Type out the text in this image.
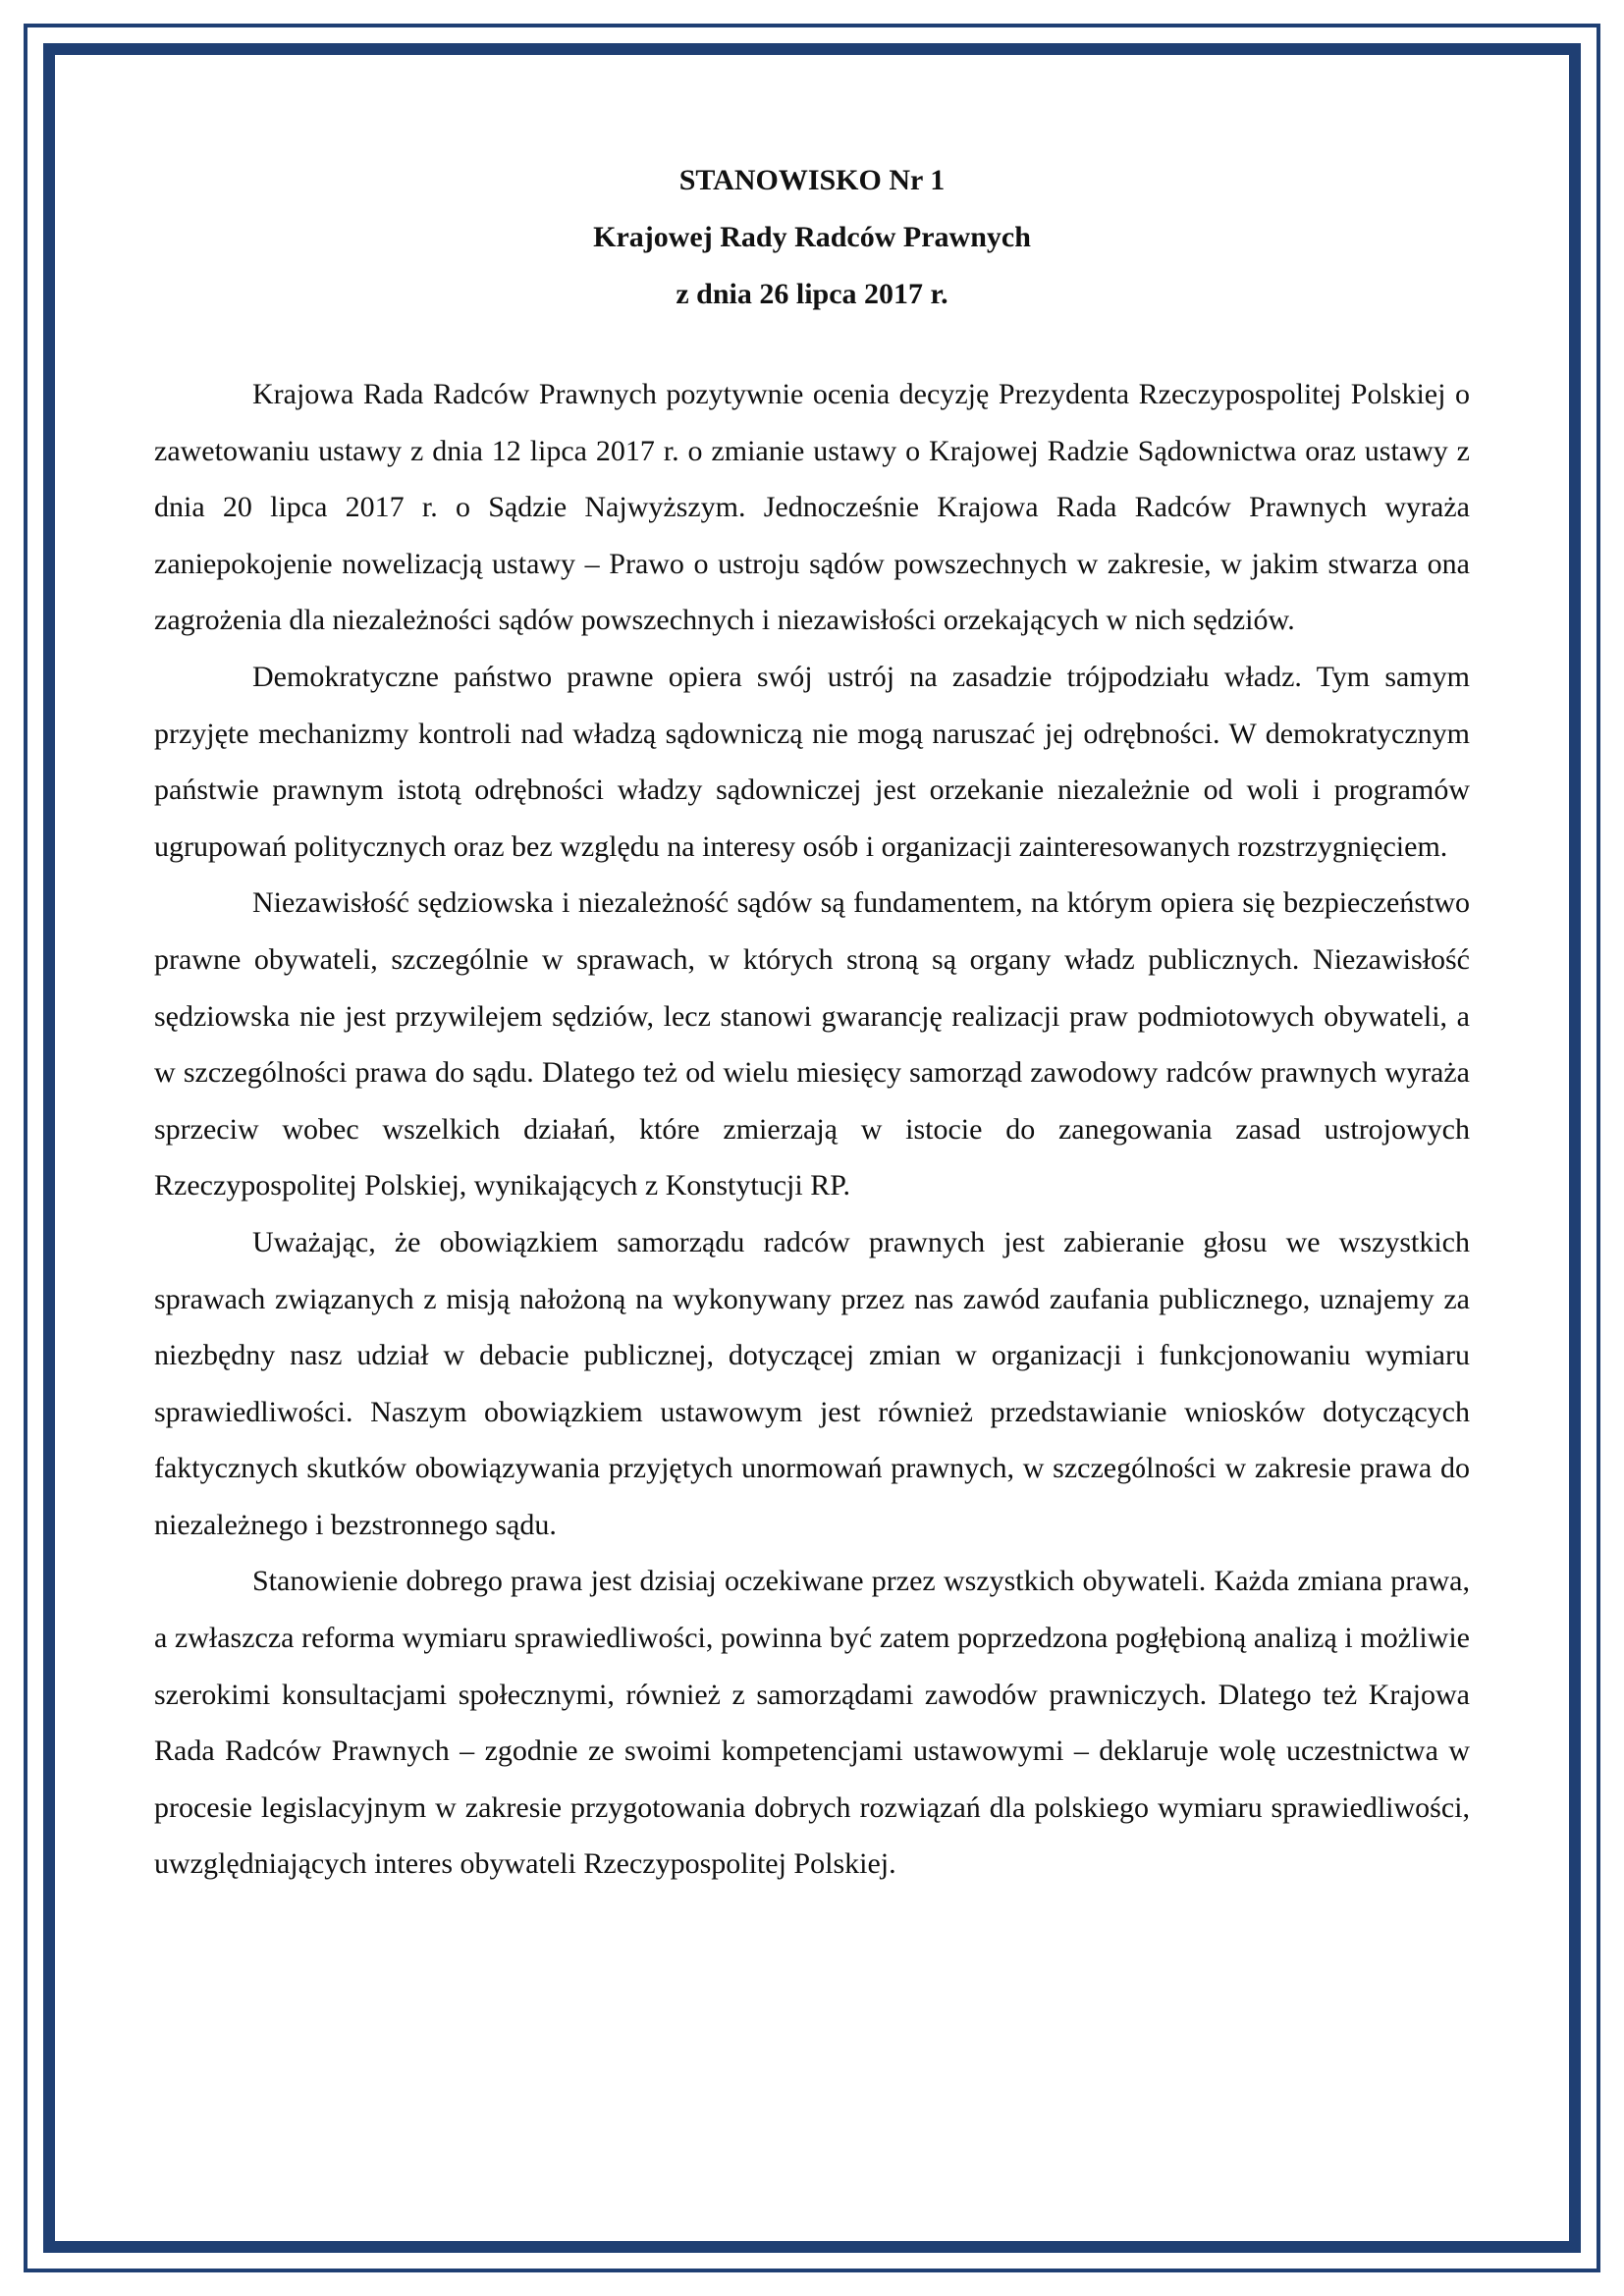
STANOWISKO Nr 1

Krajowej Rady Radców Prawnych

z dnia 26 lipca 2017 r.

Krajowa Rada Radców Prawnych pozytywnie ocenia decyzję Prezydenta Rzeczypospolitej Polskiej o zawetowaniu ustawy z dnia 12 lipca 2017 r. o zmianie ustawy o Krajowej Radzie Sądownictwa oraz ustawy z dnia 20 lipca 2017 r. o Sądzie Najwyższym. Jednocześnie Krajowa Rada Radców Prawnych wyraża zaniepokojenie nowelizacją ustawy – Prawo o ustroju sądów powszechnych w zakresie, w jakim stwarza ona zagrożenia dla niezależności sądów powszechnych i niezawisłości orzekających w nich sędziów.

Demokratyczne państwo prawne opiera swój ustrój na zasadzie trójpodziału władz. Tym samym przyjęte mechanizmy kontroli nad władzą sądowniczą nie mogą naruszać jej odrębności. W demokratycznym państwie prawnym istotą odrębności władzy sądowniczej jest orzekanie niezależnie od woli i programów ugrupowań politycznych oraz bez względu na interesy osób i organizacji zainteresowanych rozstrzygnięciem.

Niezawisłość sędziowska i niezależność sądów są fundamentem, na którym opiera się bezpieczeństwo prawne obywateli, szczególnie w sprawach, w których stroną są organy władz publicznych. Niezawisłość sędziowska nie jest przywilejem sędziów, lecz stanowi gwarancję realizacji praw podmiotowych obywateli, a w szczególności prawa do sądu. Dlatego też od wielu miesięcy samorząd zawodowy radców prawnych wyraża sprzeciw wobec wszelkich działań, które zmierzają w istocie do zanegowania zasad ustrojowych Rzeczypospolitej Polskiej, wynikających z Konstytucji RP.

Uważając, że obowiązkiem samorządu radców prawnych jest zabieranie głosu we wszystkich sprawach związanych z misją nałożoną na wykonywany przez nas zawód zaufania publicznego, uznajemy za niezbędny nasz udział w debacie publicznej, dotyczącej zmian w organizacji i funkcjonowaniu wymiaru sprawiedliwości. Naszym obowiązkiem ustawowym jest również przedstawianie wniosków dotyczących faktycznych skutków obowiązywania przyjętych unormowań prawnych, w szczególności w zakresie prawa do niezależnego i bezstronnego sądu.

Stanowienie dobrego prawa jest dzisiaj oczekiwane przez wszystkich obywateli. Każda zmiana prawa, a zwłaszcza reforma wymiaru sprawiedliwości, powinna być zatem poprzedzona pogłębioną analizą i możliwie szerokimi konsultacjami społecznymi, również z samorządami zawodów prawniczych. Dlatego też Krajowa Rada Radców Prawnych – zgodnie ze swoimi kompetencjami ustawowymi – deklaruje wolę uczestnictwa w procesie legislacyjnym w zakresie przygotowania dobrych rozwiązań dla polskiego wymiaru sprawiedliwości, uwzględniających interes obywateli Rzeczypospolitej Polskiej.
